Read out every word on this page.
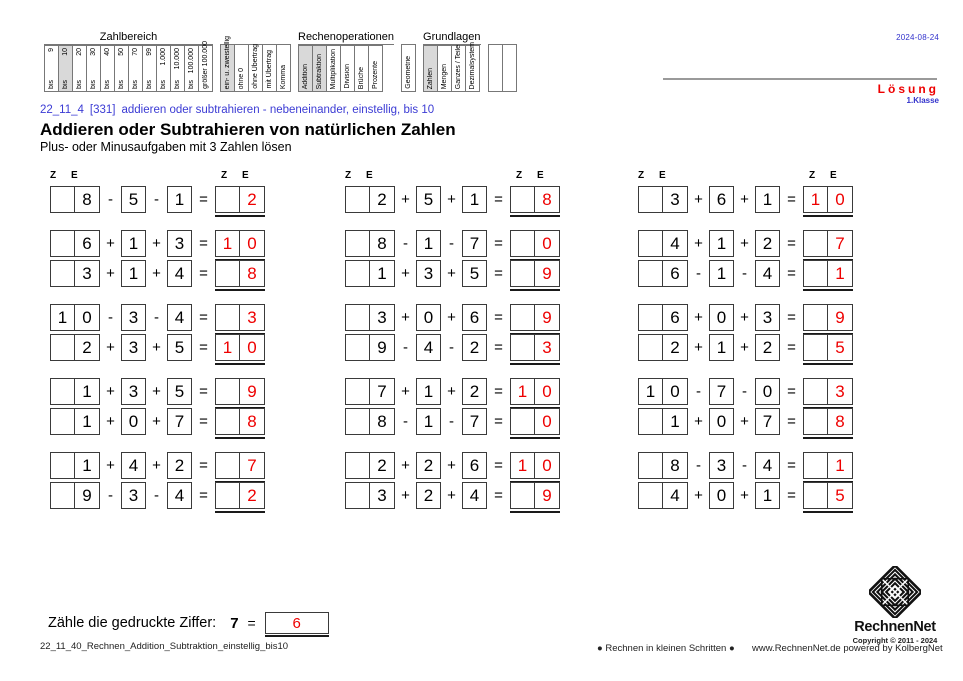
Zahlbereich
9
bis
10
bis
20
bis
30
bis
40
bis
50
bis
70
bis
99
bis
1.000
bis
10.000
bis
100.000
bis größer 100.000 ein- u. zweistellig ohne 0 ohne Übertrag mit Übertrag Komma
Rechenoperationen
Addition Subtraktion Multiplikation Division Brüche Prozente	Geometrie
Grundlagen
Zahlen Mengen Ganzes / Teile Dezimalsystem
2024-08-24
Lösung
1.Klasse
22_11_4 [331] addieren oder subtrahieren - nebeneinander, einstellig, bis 10
Addieren oder Subtrahieren von natürlichen Zahlen
Plus- oder Minusaufgaben mit 3 Zahlen lösen
Z E	Z E
8	- 5	- 1 =	2
6 + 1 + 3 = 1 0
3 + 1 + 4 =	8
1 0	- 3	- 4 =	3
2 + 3 + 5 = 1 0
1 + 3 + 5 =	9
1 + 0 + 7 =	8
1 + 4 + 2 =	7
9	- 3	- 4 =	2
Z E	Z E
2 + 5 + 1 =	8
8	- 1	- 7 =	0
1 + 3 + 5 =	9
3 + 0 + 6 =	9
9	- 4	- 2 =	3
7 + 1 + 2 = 1 0
8	- 1	- 7 =	0
2 + 2 + 6 = 1 0
3 + 2 + 4 =	9
Z E	Z E
3 + 6 + 1 = 1 0
4 + 1 + 2 =	7
6	- 1	- 4 =	1
6 + 0 + 3 =	9
2 + 1 + 2 =	5
1 0	- 7	- 0 =	3
1 + 0 + 7 =	8
8	- 3	- 4 =	1
4 + 0 + 1 =	5
Zähle die gedruckte Ziffer: 7 =	6
22_11_40_Rechnen_Addition_Subtraktion_einstellig_bis10	● Rechnen in kleinen Schritten ● www.RechnenNet.de powered by KolbergNet
RechnenNet
Copyright © 2011 - 2024
